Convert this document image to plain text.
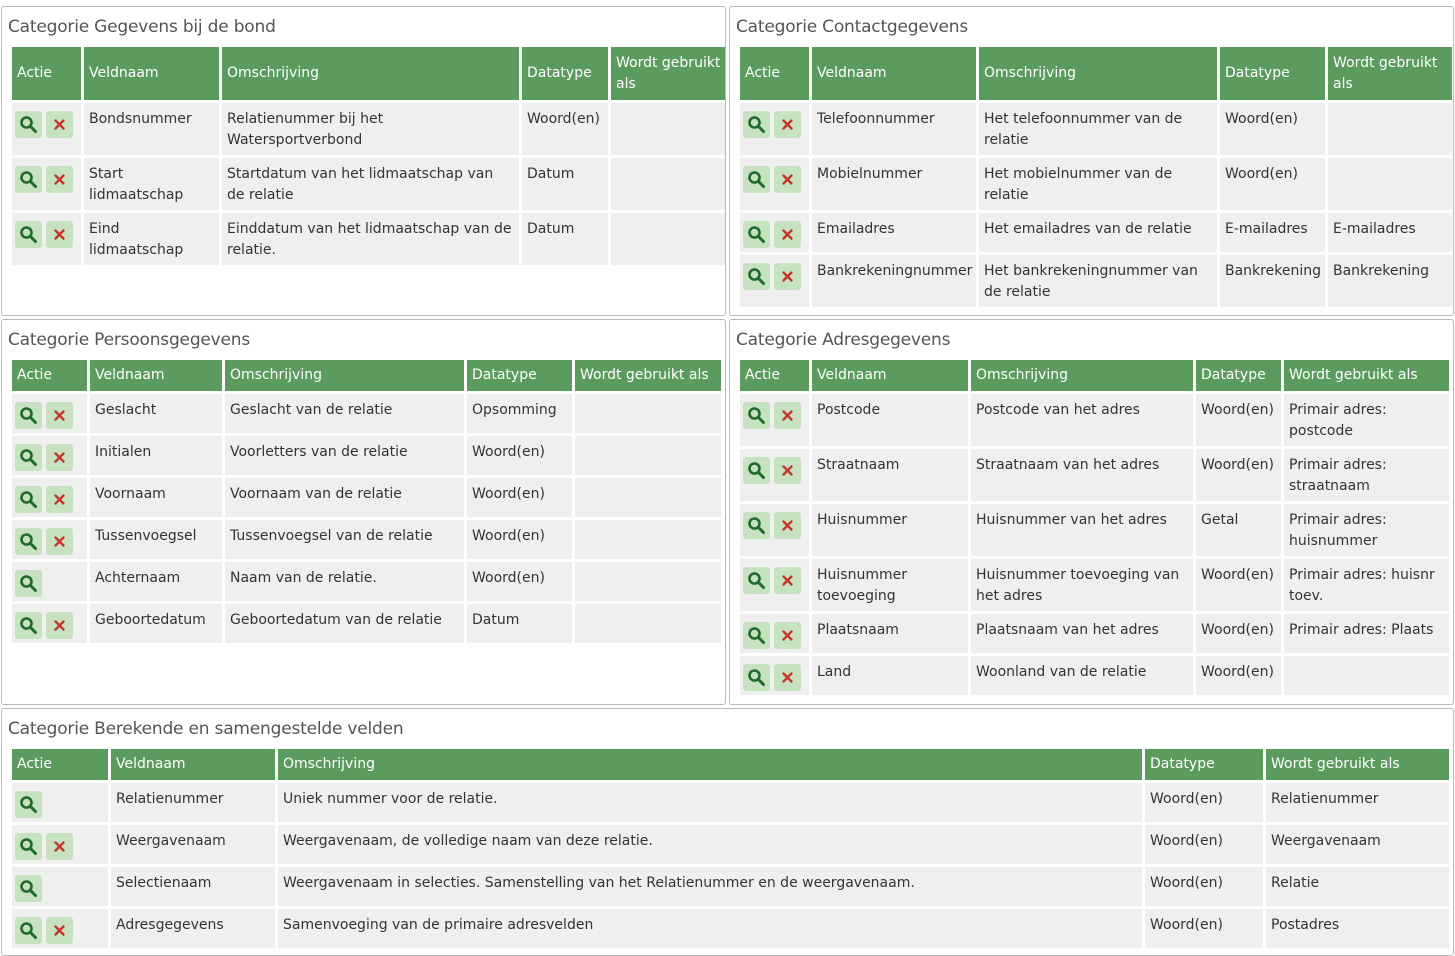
Categorie Gegevens bij de bond
Actie	Veldnaam	Omschrijving	Datatype	Wordt gebruikt als

	Bondsnummer	Relatienummer bij het Watersportverbond	Woord(en)	

	Start lidmaatschap	Startdatum van het lidmaatschap van de relatie	Datum	

	Eind lidmaatschap	Einddatum van het lidmaatschap van de relatie.	Datum	
Categorie Contactgegevens
Actie	Veldnaam	Omschrijving	Datatype	Wordt gebruikt als

	Telefoonnummer	Het telefoonnummer van de relatie	Woord(en)	

	Mobielnummer	Het mobielnummer van de relatie	Woord(en)	

	Emailadres	Het emailadres van de relatie	E-mailadres	E-mailadres

	Bankrekeningnummer	Het bankrekeningnummer van de relatie	Bankrekening	Bankrekening
Categorie Persoonsgegevens
Actie	Veldnaam	Omschrijving	Datatype	Wordt gebruikt als

	Geslacht	Geslacht van de relatie	Opsomming	

	Initialen	Voorletters van de relatie	Woord(en)	

	Voornaam	Voornaam van de relatie	Woord(en)	

	Tussenvoegsel	Tussenvoegsel van de relatie	Woord(en)	

	Achternaam	Naam van de relatie.	Woord(en)	

	Geboortedatum	Geboortedatum van de relatie	Datum	
Categorie Adresgegevens
Actie	Veldnaam	Omschrijving	Datatype	Wordt gebruikt als

	Postcode	Postcode van het adres	Woord(en)	Primair adres: postcode

	Straatnaam	Straatnaam van het adres	Woord(en)	Primair adres: straatnaam

	Huisnummer	Huisnummer van het adres	Getal	Primair adres: huisnummer

	Huisnummer toevoeging	Huisnummer toevoeging van het adres	Woord(en)	Primair adres: huisnr toev.

	Plaatsnaam	Plaatsnaam van het adres	Woord(en)	Primair adres: Plaats

	Land	Woonland van de relatie	Woord(en)	
Categorie Berekende en samengestelde velden
Actie	Veldnaam	Omschrijving	Datatype	Wordt gebruikt als

	Relatienummer	Uniek nummer voor de relatie.	Woord(en)	Relatienummer

	Weergavenaam	Weergavenaam, de volledige naam van deze relatie.	Woord(en)	Weergavenaam

	Selectienaam	Weergavenaam in selecties. Samenstelling van het Relatienummer en de weergavenaam.	Woord(en)	Relatie

	Adresgegevens	Samenvoeging van de primaire adresvelden	Woord(en)	Postadres
